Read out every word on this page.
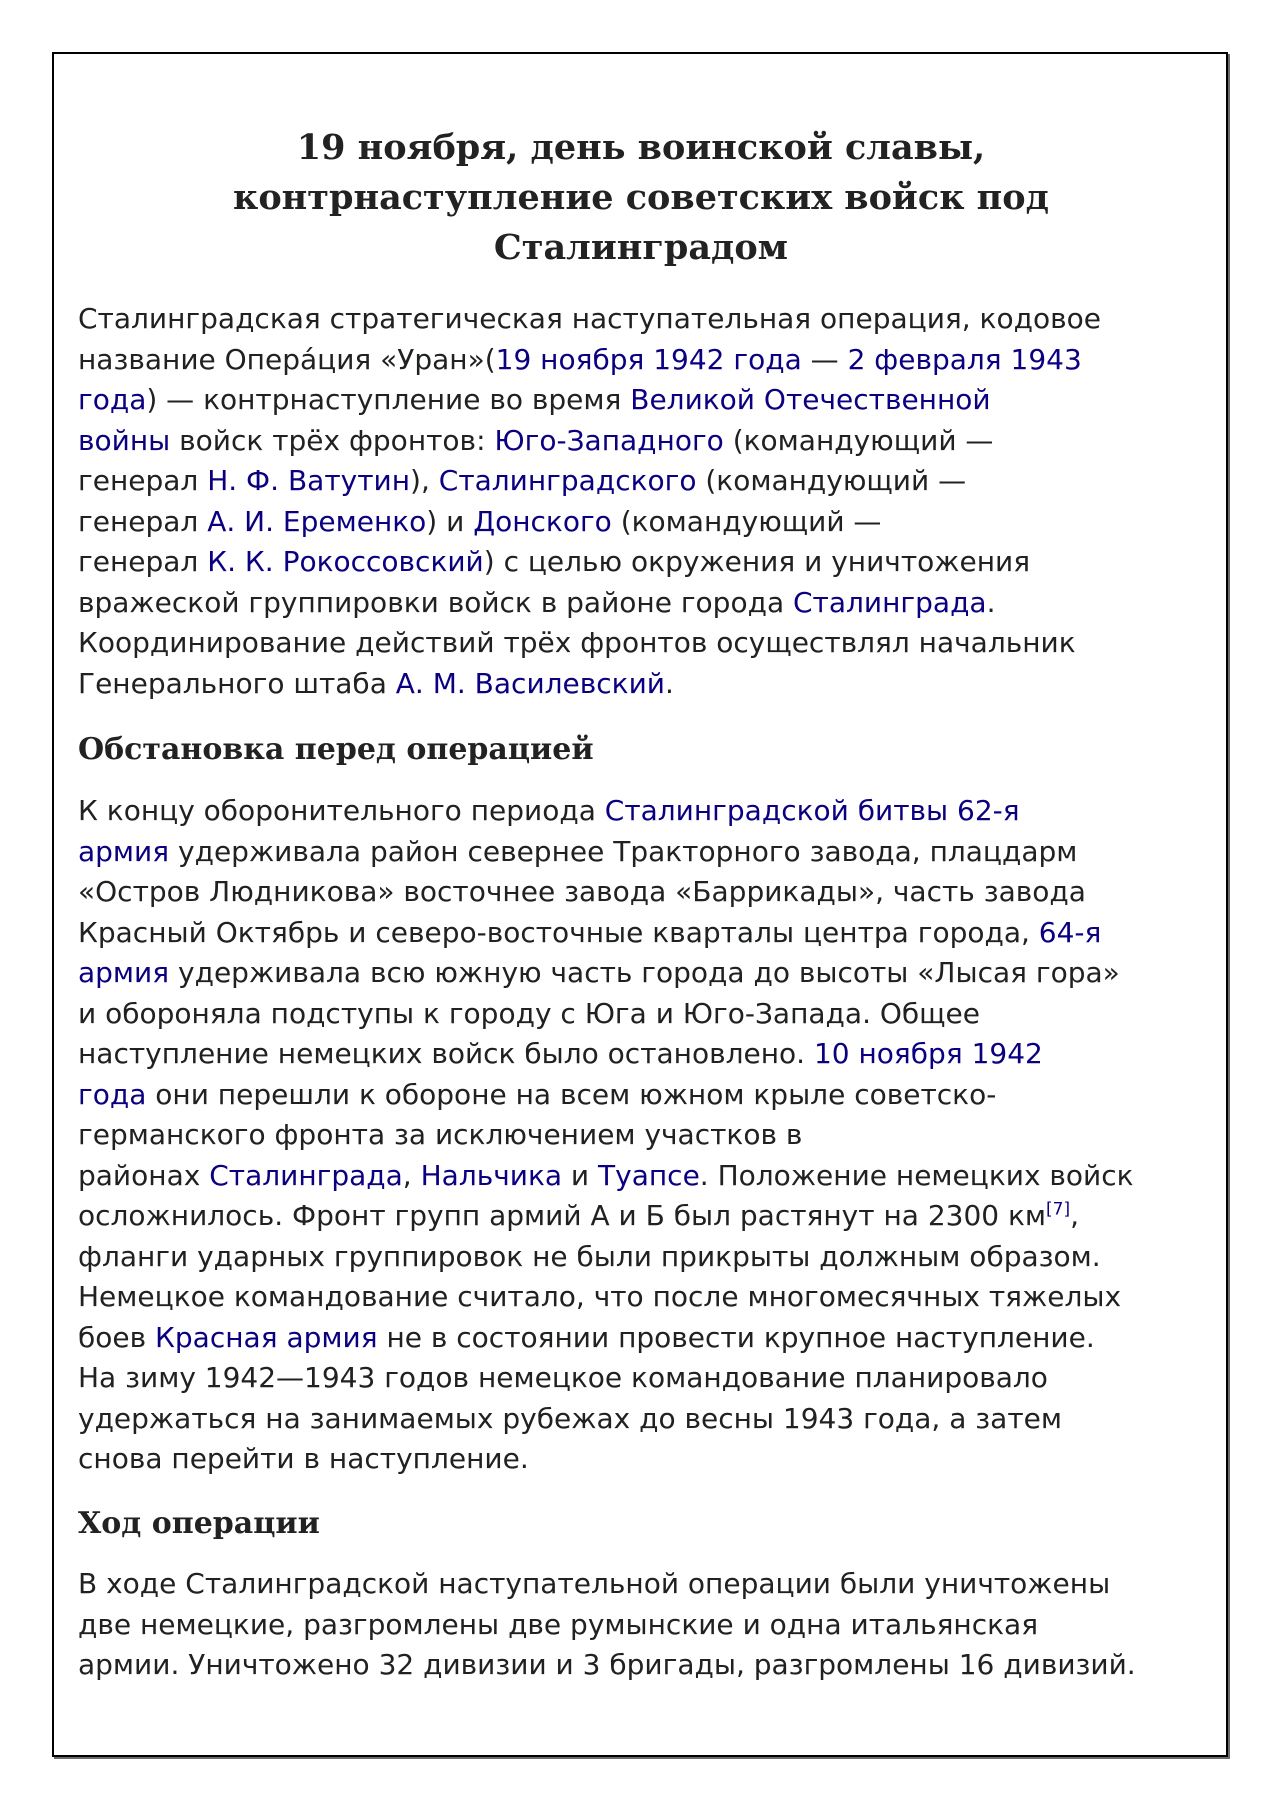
19 ноября, день воинской славы,
контрнаступление советских войск под
Сталинградом

Сталинградская стратегическая наступательная операция, кодовое
название Опера́ция «Уран»(19 ноября 1942 года — 2 февраля 1943
года) — контрнаступление во время Великой Отечественной
войны войск трёх фронтов: Юго-Западного (командующий —
генерал Н. Ф. Ватутин), Сталинградского (командующий —
генерал А. И. Еременко) и Донского (командующий —
генерал К. К. Рокоссовский) с целью окружения и уничтожения
вражеской группировки войск в районе города Сталинграда.
Координирование действий трёх фронтов осуществлял начальник
Генерального штаба А. М. Василевский.

Обстановка перед операцией

К концу оборонительного периода Сталинградской битвы 62-я
армия удерживала район севернее Тракторного завода, плацдарм
«Остров Людникова» восточнее завода «Баррикады», часть завода
Красный Октябрь и северо-восточные кварталы центра города, 64-я
армия удерживала всю южную часть города до высоты «Лысая гора»
и обороняла подступы к городу с Юга и Юго-Запада. Общее
наступление немецких войск было остановлено. 10 ноября 1942
года они перешли к обороне на всем южном крыле советско-
германского фронта за исключением участков в
районах Сталинграда, Нальчика и Туапсе. Положение немецких войск
осложнилось. Фронт групп армий А и Б был растянут на 2300 км[7],
фланги ударных группировок не были прикрыты должным образом.
Немецкое командование считало, что после многомесячных тяжелых
боев Красная армия не в состоянии провести крупное наступление.
На зиму 1942—1943 годов немецкое командование планировало
удержаться на занимаемых рубежах до весны 1943 года, а затем
снова перейти в наступление.

Ход операции

В ходе Сталинградской наступательной операции были уничтожены
две немецкие, разгромлены две румынские и одна итальянская
армии. Уничтожено 32 дивизии и 3 бригады, разгромлены 16 дивизий.
